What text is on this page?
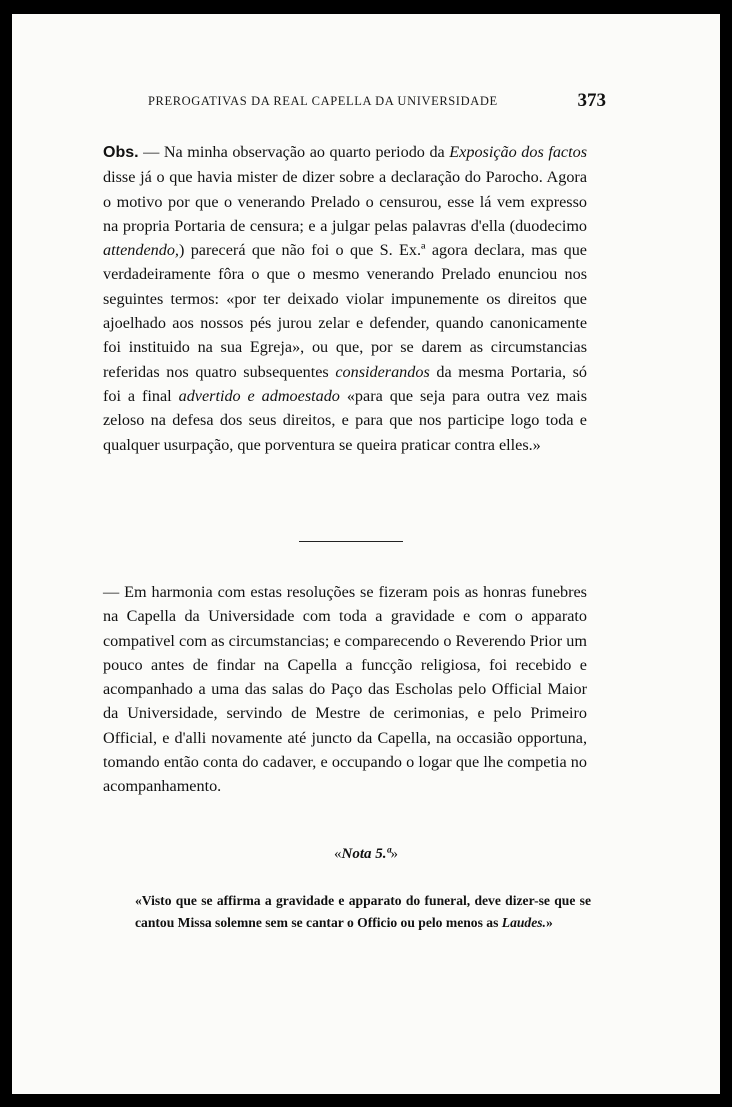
PREROGATIVAS DA REAL CAPELLA DA UNIVERSIDADE	373
Obs. — Na minha observação ao quarto periodo da Exposição dos factos disse já o que havia mister de dizer sobre a declaração do Parocho. Agora o motivo por que o venerando Prelado o censurou, esse lá vem expresso na propria Portaria de censura; e a julgar pelas palavras d'ella (duodecimo attendendo,) parecerá que não foi o que S. Ex.ª agora declara, mas que verdadeiramente fôra o que o mesmo venerando Prelado enunciou nos seguintes termos: «por ter deixado violar impunemente os direitos que ajoelhado aos nossos pés jurou zelar e defender, quando canonicamente foi instituido na sua Egreja», ou que, por se darem as circumstancias referidas nos quatro subsequentes considerandos da mesma Portaria, só foi a final advertido e admoestado «para que seja para outra vez mais zeloso na defesa dos seus direitos, e para que nos participe logo toda e qualquer usurpação, que porventura se queira praticar contra elles.»
— Em harmonia com estas resoluções se fizeram pois as honras funebres na Capella da Universidade com toda a gravidade e com o apparato compativel com as circumstancias; e comparecendo o Reverendo Prior um pouco antes de findar na Capella a funcção religiosa, foi recebido e acompanhado a uma das salas do Paço das Escholas pelo Official Maior da Universidade, servindo de Mestre de cerimonias, e pelo Primeiro Official, e d'alli novamente até juncto da Capella, na occasião opportuna, tomando então conta do cadaver, e occupando o logar que lhe competia no acompanhamento.
«Nota 5.ª»
«Visto que se affirma a gravidade e apparato do funeral, deve dizer-se que se cantou Missa solemne sem se cantar o Officio ou pelo menos as Laudes.»
